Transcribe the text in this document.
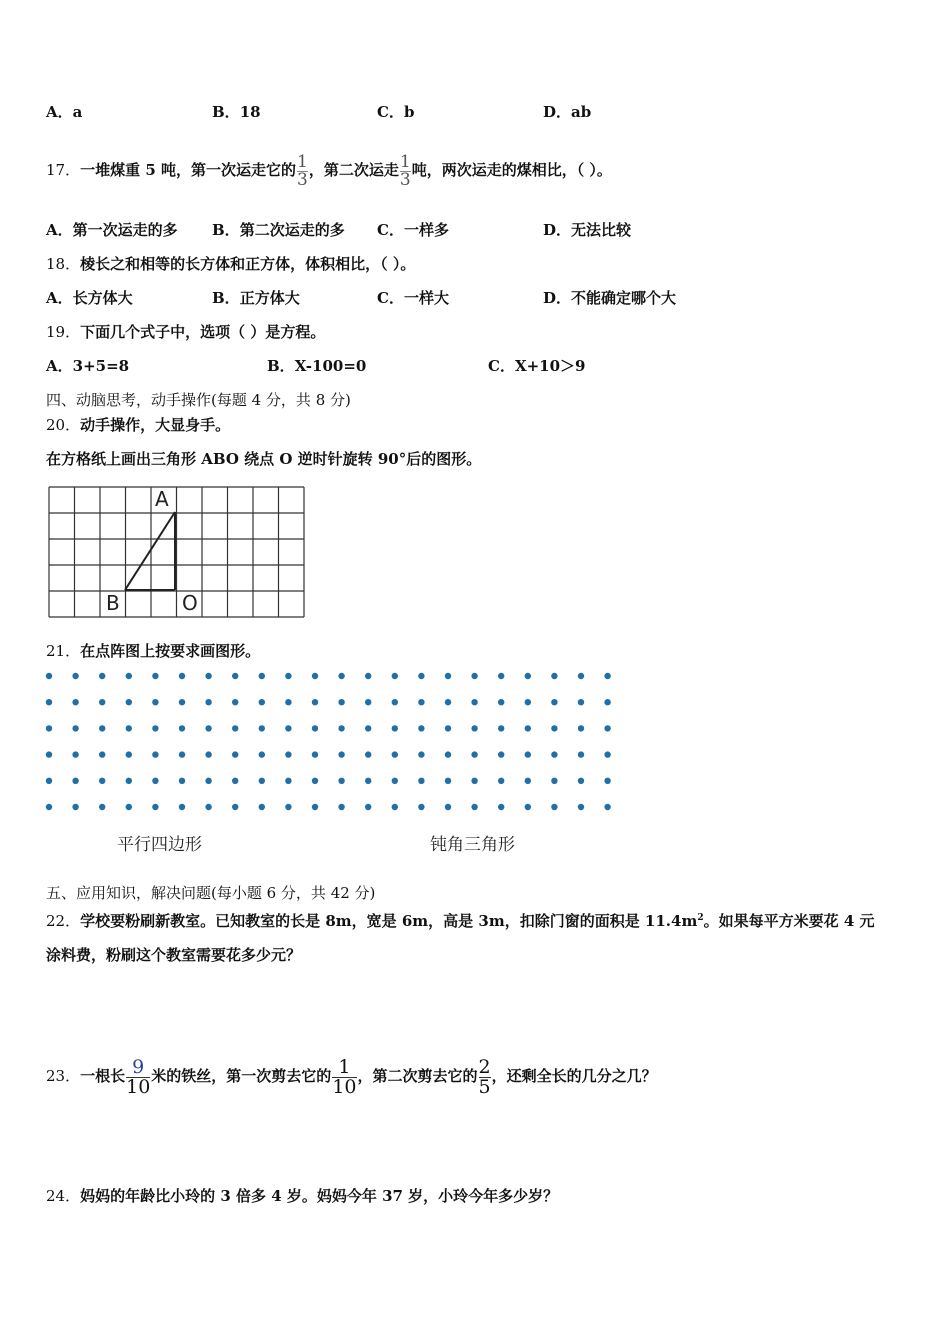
A．a	B．18	C．b	D．ab
17．一堆煤重 5 吨，第一次运走它的 $\frac{1}{3}$ ，第二次运走 $\frac{1}{3}$ 吨，两次运走的煤相比，（ ）。
A．第一次运走的多 B．第二次运走的多 C．一样多	D．无法比较
18．棱长之和相等的长方体和正方体，体积相比，（ ）。
A．长方体大	B．正方体大	C．一样大	D．不能确定哪个大
19．下面几个式子中，选项（ ）是方程。
A．3+5=8	B．X-100=0	C．X+10＞9
四、动脑思考，动手操作(每题 4 分，共 8 分)
20．动手操作，大显身手。
在方格纸上画出三角形 ABO 绕点 O 逆时针旋转 90°后的图形。
A
B	O
21．在点阵图上按要求画图形。
平行四边形	钝角三角形
五、应用知识，解决问题(每小题 6 分，共 42 分)
22．学校要粉刷新教室。已知教室的长是 8m，宽是 6m，高是 3m，扣除门窗的面积是 $11.4m^2$。如果每平方米要花 4 元
涂料费，粉刷这个教室需要花多少元？
23．一根长 $\frac{9}{10}$ 米的铁丝，第一次剪去它的 $\frac{1}{10}$ ，第二次剪去它的 $\frac{2}{5}$ ，还剩全长的几分之几？
24．妈妈的年龄比小玲的 3 倍多 4 岁。妈妈今年 37 岁，小玲今年多少岁？
